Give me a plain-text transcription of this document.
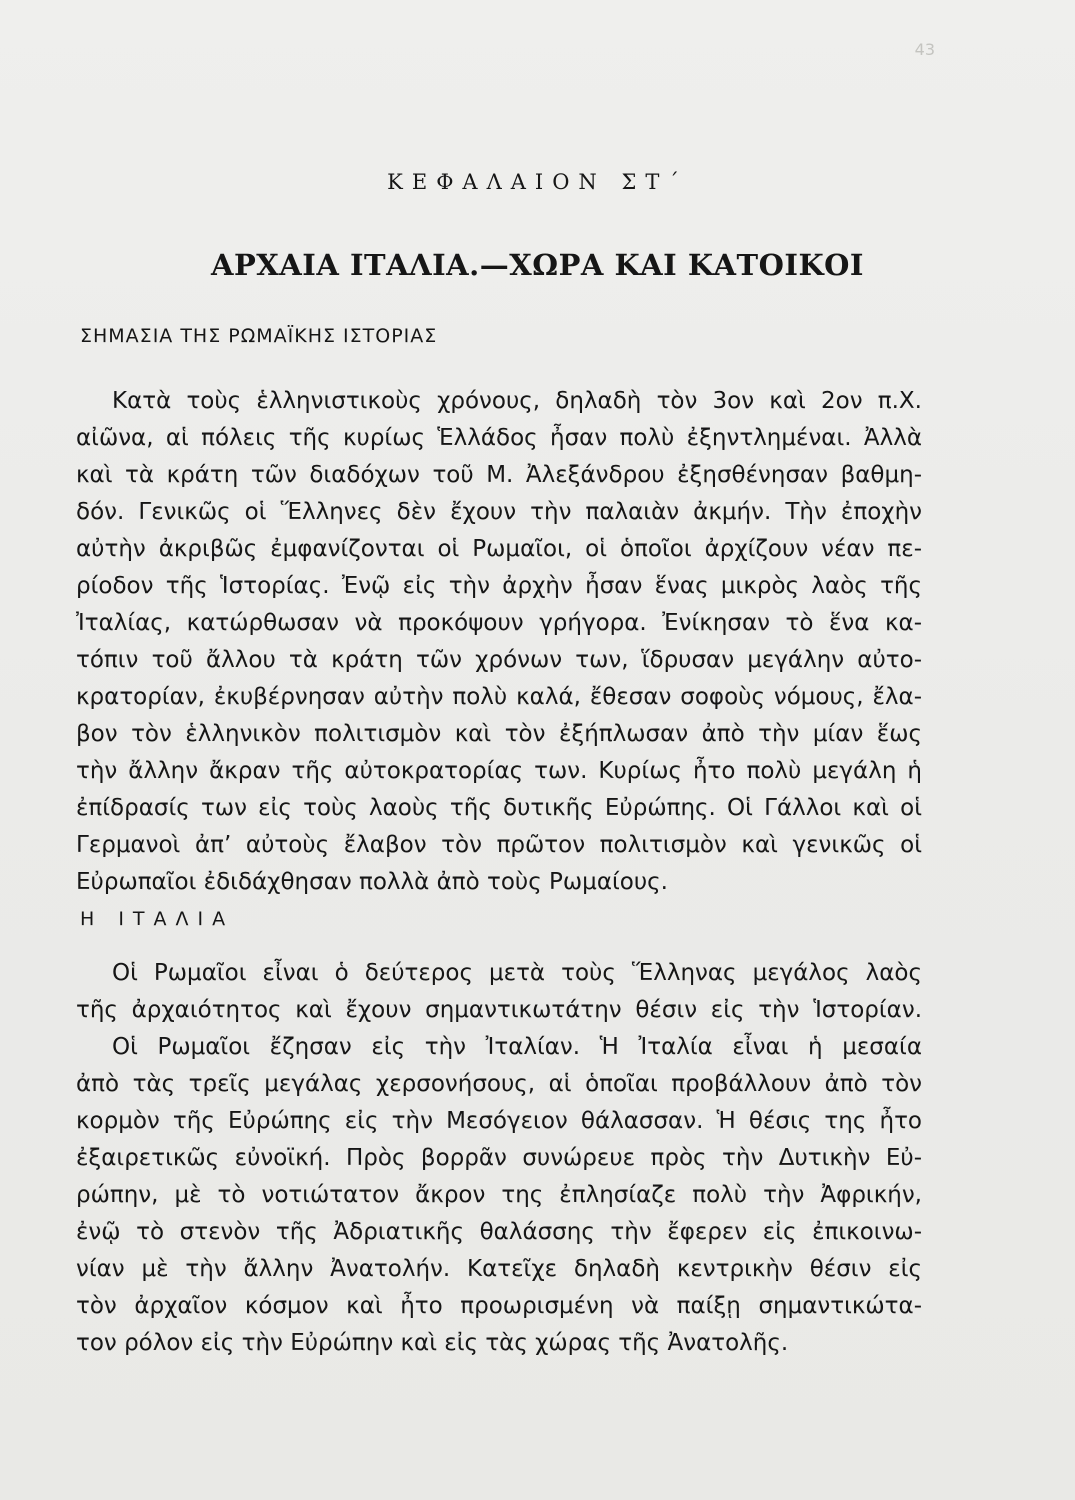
43
ΚΕΦΑΛΑΙΟΝ ΣΤ΄
ΑΡΧΑΙΑ ΙΤΑΛΙΑ.—ΧΩΡΑ ΚΑΙ ΚΑΤΟΙΚΟΙ
ΣΗΜΑΣΙΑ ΤΗΣ ΡΩΜΑΪΚΗΣ ΙΣΤΟΡΙΑΣ
Κατὰ τοὺς ἑλληνιστικοὺς χρόνους, δηλαδὴ τὸν 3ον καὶ 2ον π.Χ.
αἰῶνα, αἱ πόλεις τῆς κυρίως Ἑλλάδος ἦσαν πολὺ ἐξηντλημέναι. Ἀλλὰ
καὶ τὰ κράτη τῶν διαδόχων τοῦ Μ. Ἀλεξάνδρου ἐξησθένησαν βαθμη-
δόν. Γενικῶς οἱ Ἕλληνες δὲν ἔχουν τὴν παλαιὰν ἀκμήν. Τὴν ἐποχὴν
αὐτὴν ἀκριβῶς ἐμφανίζονται οἱ Ρωμαῖοι, οἱ ὁποῖοι ἀρχίζουν νέαν πε-
ρίοδον τῆς Ἱστορίας. Ἐνῷ εἰς τὴν ἀρχὴν ἦσαν ἕνας μικρὸς λαὸς τῆς
Ἰταλίας, κατώρθωσαν νὰ προκόψουν γρήγορα. Ἐνίκησαν τὸ ἕνα κα-
τόπιν τοῦ ἄλλου τὰ κράτη τῶν χρόνων των, ἵδρυσαν μεγάλην αὐτο-
κρατορίαν, ἐκυβέρνησαν αὐτὴν πολὺ καλά, ἔθεσαν σοφοὺς νόμους, ἔλα-
βον τὸν ἑλληνικὸν πολιτισμὸν καὶ τὸν ἐξήπλωσαν ἀπὸ τὴν μίαν ἕως
τὴν ἄλλην ἄκραν τῆς αὐτοκρατορίας των. Κυρίως ἦτο πολὺ μεγάλη ἡ
ἐπίδρασίς των εἰς τοὺς λαοὺς τῆς δυτικῆς Εὐρώπης. Οἱ Γάλλοι καὶ οἱ
Γερμανοὶ ἀπ’ αὐτοὺς ἔλαβον τὸν πρῶτον πολιτισμὸν καὶ γενικῶς οἱ
Εὐρωπαῖοι ἐδιδάχθησαν πολλὰ ἀπὸ τοὺς Ρωμαίους.
Η ΙΤΑΛΙΑ
Οἱ Ρωμαῖοι εἶναι ὁ δεύτερος μετὰ τοὺς Ἕλληνας μεγάλος λαὸς
τῆς ἀρχαιότητος καὶ ἔχουν σημαντικωτάτην θέσιν εἰς τὴν Ἱστορίαν.
Οἱ Ρωμαῖοι ἔζησαν εἰς τὴν Ἰταλίαν. Ἡ Ἰταλία εἶναι ἡ μεσαία
ἀπὸ τὰς τρεῖς μεγάλας χερσονήσους, αἱ ὁποῖαι προβάλλουν ἀπὸ τὸν
κορμὸν τῆς Εὐρώπης εἰς τὴν Μεσόγειον θάλασσαν. Ἡ θέσις της ἦτο
ἐξαιρετικῶς εὐνοϊκή. Πρὸς βορρᾶν συνώρευε πρὸς τὴν Δυτικὴν Εὐ-
ρώπην, μὲ τὸ νοτιώτατον ἄκρον της ἐπλησίαζε πολὺ τὴν Ἀφρικήν,
ἐνῷ τὸ στενὸν τῆς Ἀδριατικῆς θαλάσσης τὴν ἔφερεν εἰς ἐπικοινω-
νίαν μὲ τὴν ἄλλην Ἀνατολήν. Κατεῖχε δηλαδὴ κεντρικὴν θέσιν εἰς
τὸν ἀρχαῖον κόσμον καὶ ἦτο προωρισμένη νὰ παίξῃ σημαντικώτα-
τον ρόλον εἰς τὴν Εὐρώπην καὶ εἰς τὰς χώρας τῆς Ἀνατολῆς.
